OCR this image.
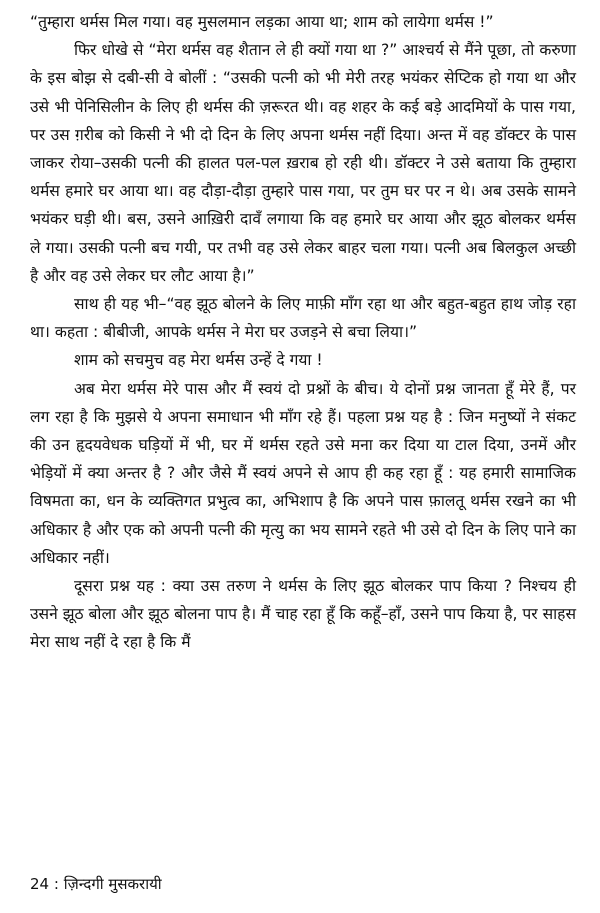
“तुम्हारा थर्मस मिल गया। वह मुसलमान लड़का आया था; शाम को लायेगा थर्मस !”

फिर धोखे से “मेरा थर्मस वह शैतान ले ही क्यों गया था ?” आश्चर्य से मैंने पूछा, तो करुणा के इस बोझ से दबी-सी वे बोलीं : “उसकी पत्नी को भी मेरी तरह भयंकर सेप्टिक हो गया था और उसे भी पेनिसिलीन के लिए ही थर्मस की ज़रूरत थी। वह शहर के कई बड़े आदमियों के पास गया, पर उस ग़रीब को किसी ने भी दो दिन के लिए अपना थर्मस नहीं दिया। अन्त में वह डॉक्टर के पास जाकर रोया–उसकी पत्नी की हालत पल-पल ख़राब हो रही थी। डॉक्टर ने उसे बताया कि तुम्हारा थर्मस हमारे घर आया था। वह दौड़ा-दौड़ा तुम्हारे पास गया, पर तुम घर पर न थे। अब उसके सामने भयंकर घड़ी थी। बस, उसने आख़िरी दावँ लगाया कि वह हमारे घर आया और झूठ बोलकर थर्मस ले गया। उसकी पत्नी बच गयी, पर तभी वह उसे लेकर बाहर चला गया। पत्नी अब बिलकुल अच्छी है और वह उसे लेकर घर लौट आया है।”

साथ ही यह भी–“वह झूठ बोलने के लिए माफ़ी माँग रहा था और बहुत-बहुत हाथ जोड़ रहा था। कहता : बीबीजी, आपके थर्मस ने मेरा घर उजड़ने से बचा लिया।”

शाम को सचमुच वह मेरा थर्मस उन्हें दे गया !

अब मेरा थर्मस मेरे पास और मैं स्वयं दो प्रश्नों के बीच। ये दोनों प्रश्न जानता हूँ मेरे हैं, पर लग रहा है कि मुझसे ये अपना समाधान भी माँग रहे हैं। पहला प्रश्न यह है : जिन मनुष्यों ने संकट की उन हृदयवेधक घड़ियों में भी, घर में थर्मस रहते उसे मना कर दिया या टाल दिया, उनमें और भेड़ियों में क्या अन्तर है ? और जैसे मैं स्वयं अपने से आप ही कह रहा हूँ : यह हमारी सामाजिक विषमता का, धन के व्यक्तिगत प्रभुत्व का, अभिशाप है कि अपने पास फ़ालतू थर्मस रखने का भी अधिकार है और एक को अपनी पत्नी की मृत्यु का भय सामने रहते भी उसे दो दिन के लिए पाने का अधिकार नहीं।

दूसरा प्रश्न यह : क्या उस तरुण ने थर्मस के लिए झूठ बोलकर पाप किया ? निश्चय ही उसने झूठ बोला और झूठ बोलना पाप है। मैं चाह रहा हूँ कि कहूँ–हाँ, उसने पाप किया है, पर साहस मेरा साथ नहीं दे रहा है कि मैं

24 : ज़िन्दगी मुसकरायी
